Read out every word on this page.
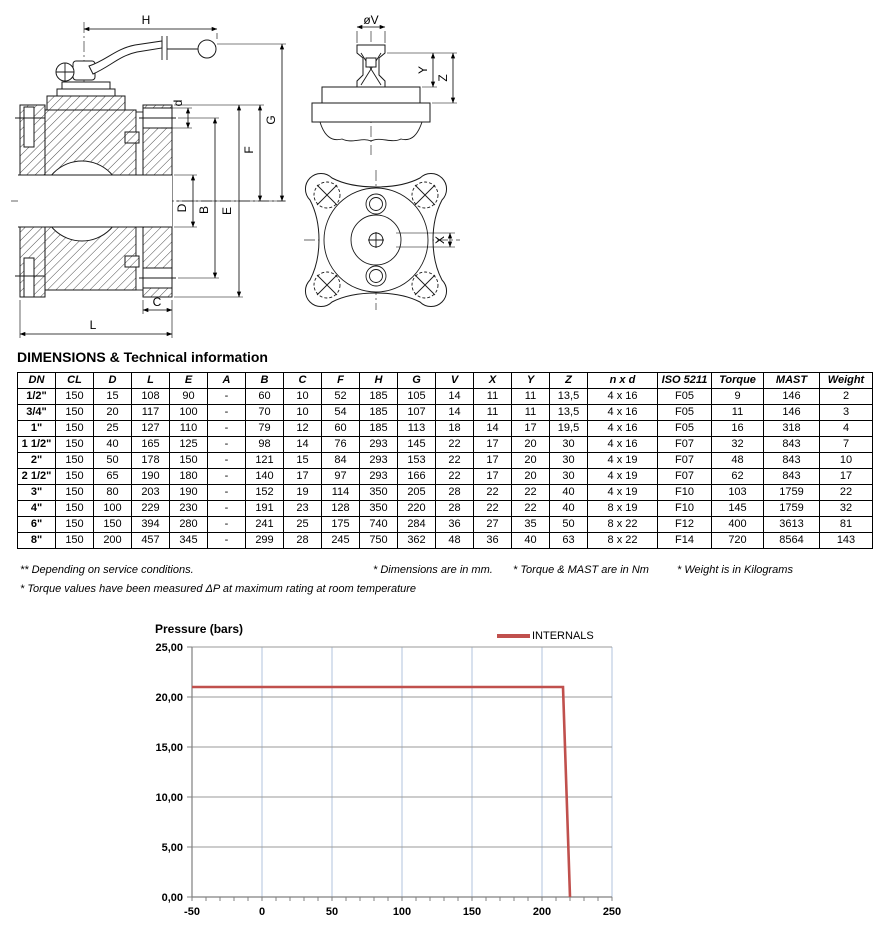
H
G
F
E
B
D
d
C
L
øV
Y
Z
X
DIMENSIONS & Technical information
DN	CL	D	L	E	A	B	C	F	H	G	V	X	Y	Z	n x d	ISO 5211	Torque	MAST	Weight
1/2"	150	15	108	90	-	60	10	52	185	105	14	11	11	13,5	4 x 16	F05	9	146	2
3/4"	150	20	117	100	-	70	10	54	185	107	14	11	11	13,5	4 x 16	F05	11	146	3
1"	150	25	127	110	-	79	12	60	185	113	18	14	17	19,5	4 x 16	F05	16	318	4
1 1/2"	150	40	165	125	-	98	14	76	293	145	22	17	20	30	4 x 16	F07	32	843	7
2"	150	50	178	150	-	121	15	84	293	153	22	17	20	30	4 x 19	F07	48	843	10
2 1/2"	150	65	190	180	-	140	17	97	293	166	22	17	20	30	4 x 19	F07	62	843	17
3"	150	80	203	190	-	152	19	114	350	205	28	22	22	40	4 x 19	F10	103	1759	22
4"	150	100	229	230	-	191	23	128	350	220	28	22	22	40	8 x 19	F10	145	1759	32
6"	150	150	394	280	-	241	25	175	740	284	36	27	35	50	8 x 22	F12	400	3613	81
8"	150	200	457	345	-	299	28	245	750	362	48	36	40	63	8 x 22	F14	720	8564	143
** Depending on service conditions.	* Dimensions are in mm. * Torque & MAST are in Nm	* Weight is in Kilograms
* Torque values have been measured ΔP at maximum rating at room temperature
Pressure (bars)	INTERNALS
-50	0	50	100	150	200	250
0,00
5,00
10,00
15,00
20,00
25,00
